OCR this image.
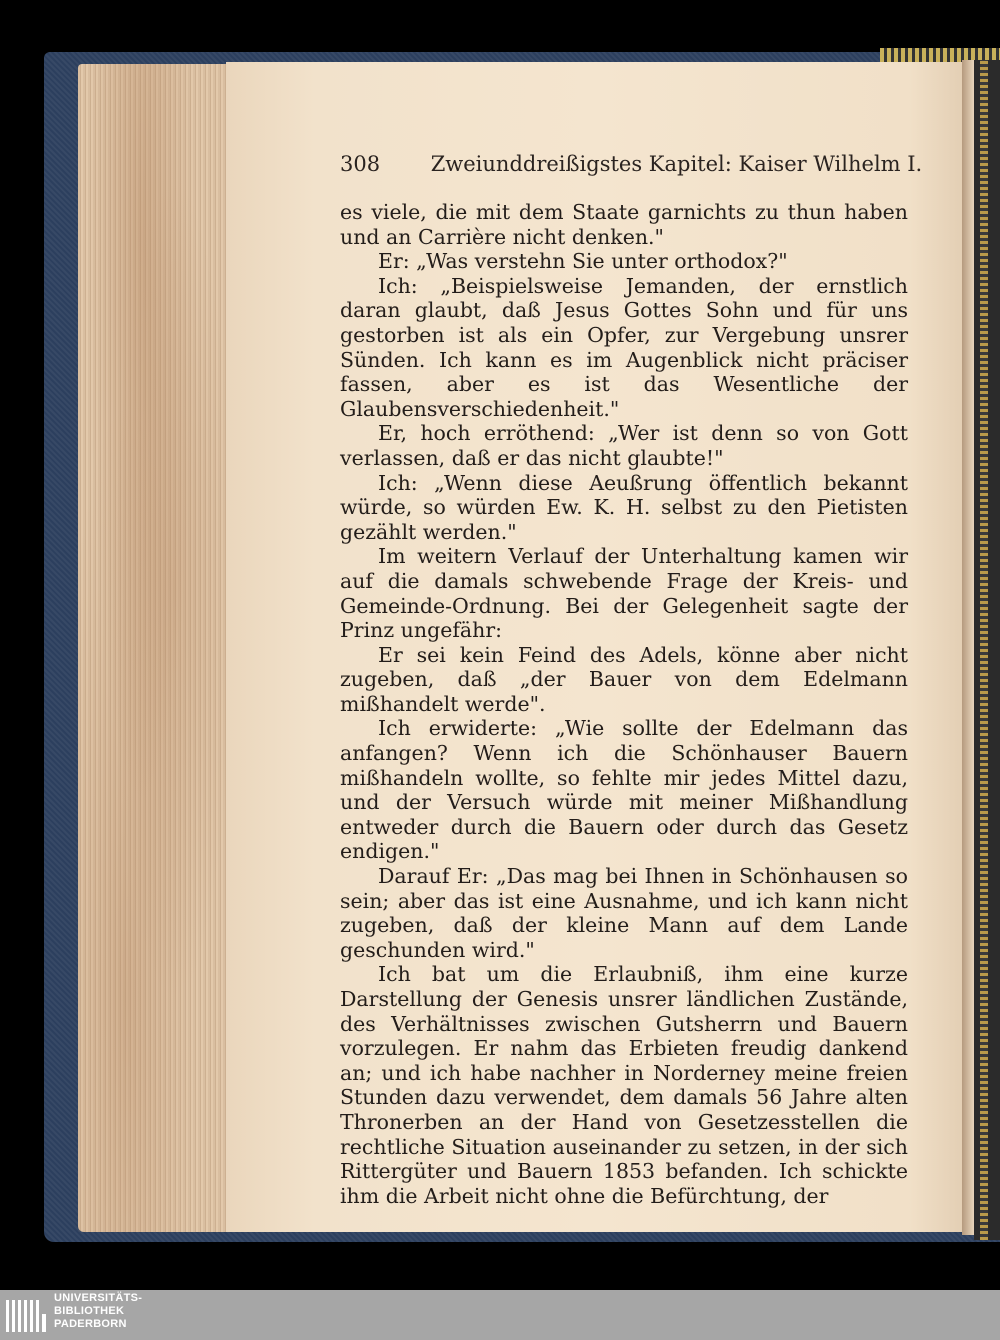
308 Zweiunddreißigstes Kapitel: Kaiser Wilhelm I.

es viele, die mit dem Staate garnichts zu thun haben und an Carrière nicht denken."

Er: „Was verstehn Sie unter orthodox?"

Ich: „Beispielsweise Jemanden, der ernstlich daran glaubt, daß Jesus Gottes Sohn und für uns gestorben ist als ein Opfer, zur Vergebung unsrer Sünden. Ich kann es im Augenblick nicht präciser fassen, aber es ist das Wesentliche der Glaubensverschiedenheit."

Er, hoch erröthend: „Wer ist denn so von Gott verlassen, daß er das nicht glaubte!"

Ich: „Wenn diese Aeußrung öffentlich bekannt würde, so würden Ew. K. H. selbst zu den Pietisten gezählt werden."

Im weitern Verlauf der Unterhaltung kamen wir auf die damals schwebende Frage der Kreis- und Gemeinde-Ordnung. Bei der Gelegenheit sagte der Prinz ungefähr:

Er sei kein Feind des Adels, könne aber nicht zugeben, daß „der Bauer von dem Edelmann mißhandelt werde".

Ich erwiderte: „Wie sollte der Edelmann das anfangen? Wenn ich die Schönhauser Bauern mißhandeln wollte, so fehlte mir jedes Mittel dazu, und der Versuch würde mit meiner Mißhandlung entweder durch die Bauern oder durch das Gesetz endigen."

Darauf Er: „Das mag bei Ihnen in Schönhausen so sein; aber das ist eine Ausnahme, und ich kann nicht zugeben, daß der kleine Mann auf dem Lande geschunden wird."

Ich bat um die Erlaubniß, ihm eine kurze Darstellung der Genesis unsrer ländlichen Zustände, des Verhältnisses zwischen Gutsherrn und Bauern vorzulegen. Er nahm das Erbieten freudig dankend an; und ich habe nachher in Norderney meine freien Stunden dazu verwendet, dem damals 56 Jahre alten Thronerben an der Hand von Gesetzesstellen die rechtliche Situation auseinander zu setzen, in der sich Rittergüter und Bauern 1853 befanden. Ich schickte ihm die Arbeit nicht ohne die Befürchtung, der

UNIVERSITÄTS-
BIBLIOTHEK
PADERBORN
